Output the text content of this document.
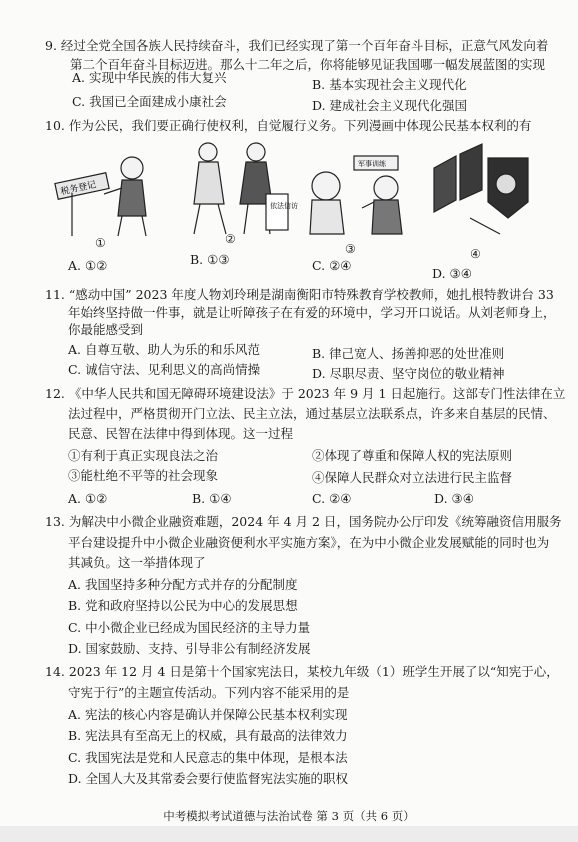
9. 经过全党全国各族人民持续奋斗，我们已经实现了第一个百年奋斗目标，正意气风发向着
第二个百年奋斗目标迈进。那么十二年之后，你将能够见证我国哪一幅发展蓝图的实现
A. 实现中华民族的伟大复兴	B. 基本实现社会主义现代化
C. 我国已全面建成小康社会	D. 建成社会主义现代化强国
10. 作为公民，我们要正确行使权利，自觉履行义务。下列漫画中体现公民基本权利的有
税务登记
依法信访
军事训练
①	②
③	④
A. ①②	B. ①③	C. ②④
D. ③④
11. “感动中国” 2023 年度人物刘玲琍是湖南衡阳市特殊教育学校教师，她扎根特教讲台 33
年始终坚持做一件事，就是让听障孩子在有爱的环境中，学习开口说话。从刘老师身上，
你最能感受到
A. 自尊互敬、助人为乐的和乐风范	B. 律己宽人、扬善抑恶的处世准则
C. 诚信守法、见利思义的高尚情操	D. 尽职尽责、坚守岗位的敬业精神
12. 《中华人民共和国无障碍环境建设法》于 2023 年 9 月 1 日起施行。这部专门性法律在立
法过程中，严格贯彻开门立法、民主立法，通过基层立法联系点，许多来自基层的民情、
民意、民智在法律中得到体现。这一过程
①有利于真正实现良法之治	②体现了尊重和保障人权的宪法原则
③能杜绝不平等的社会现象	④保障人民群众对立法进行民主监督
A. ①②	B. ①④	C. ②④	D. ③④
13. 为解决中小微企业融资难题，2024 年 4 月 2 日，国务院办公厅印发《统筹融资信用服务
平台建设提升中小微企业融资便利水平实施方案》，在为中小微企业发展赋能的同时也为
其减负。这一举措体现了
A. 我国坚持多种分配方式并存的分配制度
B. 党和政府坚持以公民为中心的发展思想
C. 中小微企业已经成为国民经济的主导力量
D. 国家鼓励、支持、引导非公有制经济发展
14. 2023 年 12 月 4 日是第十个国家宪法日，某校九年级（1）班学生开展了以“知宪于心，
守宪于行”的主题宣传活动。下列内容不能采用的是
A. 宪法的核心内容是确认并保障公民基本权利实现
B. 宪法具有至高无上的权威，具有最高的法律效力
C. 我国宪法是党和人民意志的集中体现，是根本法
D. 全国人大及其常委会要行使监督宪法实施的职权
中考模拟考试道德与法治试卷 第 3 页（共 6 页）
